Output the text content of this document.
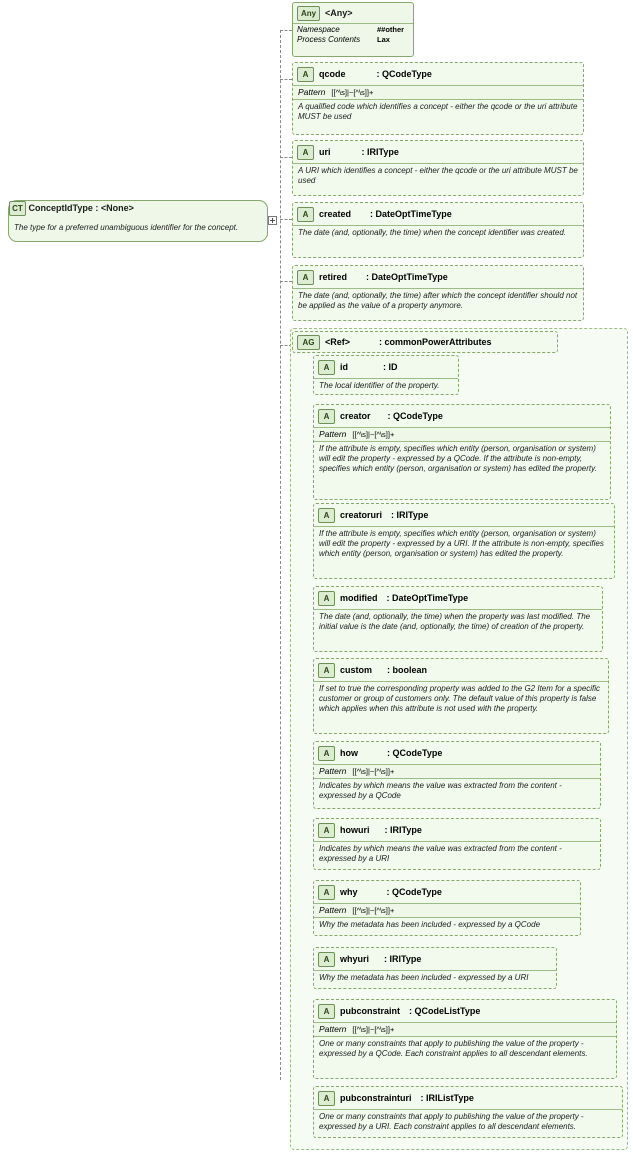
CT ConceptIdType : <None>
The type for a preferred unambiguous identifier for the concept.
Any <Any>
Namespace	##other
Process Contents	Lax
A	qcode	: QCodeType
Pattern [[^\s]|~[^\s]]+
A qualified code which identifies a concept - either the qcode or the uri attribute MUST be used
A	uri	: IRIType
A URI which identifies a concept - either the qcode or the uri attribute MUST be used
A	created : DateOptTimeType
The date (and, optionally, the time) when the concept identifier was created.
A	retired : DateOptTimeType
The date (and, optionally, the time) after which the concept identifier should not be applied as the value of a property anymore.
AG	<Ref>	: commonPowerAttributes
A	id	: ID
The local identifier of the property.
A	creator : QCodeType
Pattern [[^\s]|~[^\s]]+
If the attribute is empty, specifies which entity (person, organisation or system) will edit the property - expressed by a QCode. If the attribute is non-empty, specifies which entity (person, organisation or system) has edited the property.
A	creatoruri : IRIType
If the attribute is empty, specifies which entity (person, organisation or system) will edit the property - expressed by a URI. If the attribute is non-empty, specifies which entity (person, organisation or system) has edited the property.
A	modified : DateOptTimeType
The date (and, optionally, the time) when the property was last modified. The initial value is the date (and, optionally, the time) of creation of the property.
A	custom : boolean
If set to true the corresponding property was added to the G2 Item for a specific customer or group of customers only. The default value of this property is false which applies when this attribute is not used with the property.
A	how	: QCodeType
Pattern [[^\s]|~[^\s]]+
Indicates by which means the value was extracted from the content - expressed by a QCode
A	howuri : IRIType
Indicates by which means the value was extracted from the content - expressed by a URI
A	why	: QCodeType
Pattern [[^\s]|~[^\s]]+
Why the metadata has been included - expressed by a QCode
A	whyuri : IRIType
Why the metadata has been included - expressed by a URI
A	pubconstraint : QCodeListType
Pattern [[^\s]|~[^\s]]+
One or many constraints that apply to publishing the value of the property - expressed by a QCode. Each constraint applies to all descendant elements.
A	pubconstrainturi : IRIListType
One or many constraints that apply to publishing the value of the property - expressed by a URI. Each constraint applies to all descendant elements.
